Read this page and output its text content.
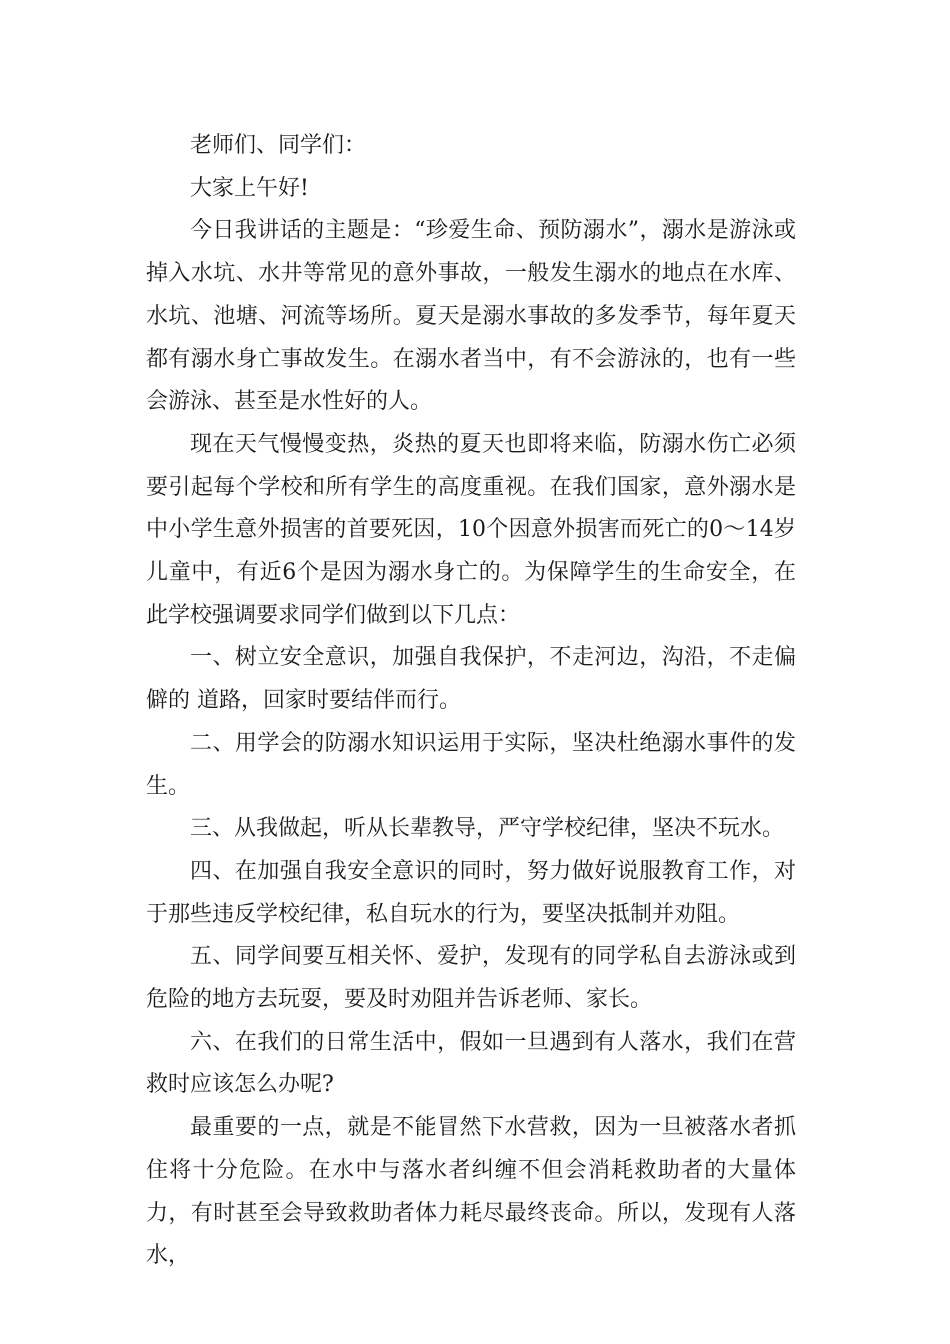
老师们、同学们：

大家上午好!

今日我讲话的主题是：“珍爱生命、预防溺水”，溺水是游泳或掉入水坑、水井等常见的意外事故，一般发生溺水的地点在水库、水坑、池塘、河流等场所。夏天是溺水事故的多发季节，每年夏天都有溺水身亡事故发生。在溺水者当中，有不会游泳的，也有一些会游泳、甚至是水性好的人。

现在天气慢慢变热，炎热的夏天也即将来临，防溺水伤亡必须要引起每个学校和所有学生的高度重视。在我们国家，意外溺水是中小学生意外损害的首要死因，10个因意外损害而死亡的0～14岁儿童中，有近6个是因为溺水身亡的。为保障学生的生命安全，在此学校强调要求同学们做到以下几点：

一、树立安全意识，加强自我保护，不走河边，沟沿，不走偏僻的 道路，回家时要结伴而行。

二、用学会的防溺水知识运用于实际，坚决杜绝溺水事件的发生。

三、从我做起，听从长辈教导，严守学校纪律，坚决不玩水。

四、在加强自我安全意识的同时，努力做好说服教育工作，对于那些违反学校纪律，私自玩水的行为，要坚决抵制并劝阻。

五、同学间要互相关怀、爱护，发现有的同学私自去游泳或到危险的地方去玩耍，要及时劝阻并告诉老师、家长。

六、在我们的日常生活中，假如一旦遇到有人落水，我们在营救时应该怎么办呢?

最重要的一点，就是不能冒然下水营救，因为一旦被落水者抓住将十分危险。在水中与落水者纠缠不但会消耗救助者的大量体力，有时甚至会导致救助者体力耗尽最终丧命。所以，发现有人落水，
